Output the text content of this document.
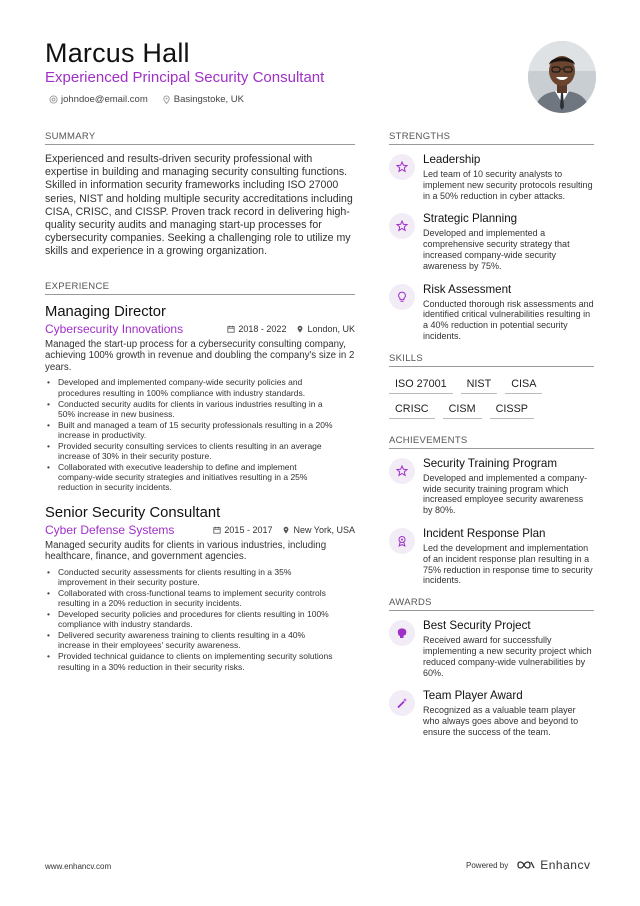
Marcus Hall
Experienced Principal Security Consultant
johndoe@email.com	Basingstoke, UK
SUMMARY
Experienced and results-driven security professional with expertise in building and managing security consulting functions. Skilled in information security frameworks including ISO 27000 series, NIST and holding multiple security accreditations including CISA, CRISC, and CISSP. Proven track record in delivering high-quality security audits and managing start-up processes for cybersecurity companies. Seeking a challenging role to utilize my skills and experience in a growing organization.
EXPERIENCE
Managing Director
Cybersecurity Innovations	2018 - 2022 London, UK
Managed the start-up process for a cybersecurity consulting company, achieving 100% growth in revenue and doubling the company's size in 2 years.
• Developed and implemented company-wide security policies and procedures resulting in 100% compliance with industry standards.
• Conducted security audits for clients in various industries resulting in a 50% increase in new business.
• Built and managed a team of 15 security professionals resulting in a 20% increase in productivity.
• Provided security consulting services to clients resulting in an average increase of 30% in their security posture.
• Collaborated with executive leadership to define and implement company-wide security strategies and initiatives resulting in a 25% reduction in security incidents.
Senior Security Consultant
Cyber Defense Systems	2015 - 2017 New York, USA
Managed security audits for clients in various industries, including healthcare, finance, and government agencies.
• Conducted security assessments for clients resulting in a 35% improvement in their security posture.
• Collaborated with cross-functional teams to implement security controls resulting in a 20% reduction in security incidents.
• Developed security policies and procedures for clients resulting in 100% compliance with industry standards.
• Delivered security awareness training to clients resulting in a 40% increase in their employees' security awareness.
• Provided technical guidance to clients on implementing security solutions resulting in a 30% reduction in their security risks.
STRENGTHS
Leadership
Led team of 10 security analysts to implement new security protocols resulting in a 50% reduction in cyber attacks.
Strategic Planning
Developed and implemented a comprehensive security strategy that increased company-wide security awareness by 75%.
Risk Assessment
Conducted thorough risk assessments and identified critical vulnerabilities resulting in a 40% reduction in potential security incidents.
SKILLS
ISO 27001	NIST	CISA
CRISC	CISM	CISSP
ACHIEVEMENTS
Security Training Program
Developed and implemented a company-wide security training program which increased employee security awareness by 80%.
Incident Response Plan
Led the development and implementation of an incident response plan resulting in a 75% reduction in response time to security incidents.
AWARDS
Best Security Project
Received award for successfully implementing a new security project which reduced company-wide vulnerabilities by 60%.
Team Player Award
Recognized as a valuable team player who always goes above and beyond to ensure the success of the team.
www.enhancv.com	Powered by	Enhancv
